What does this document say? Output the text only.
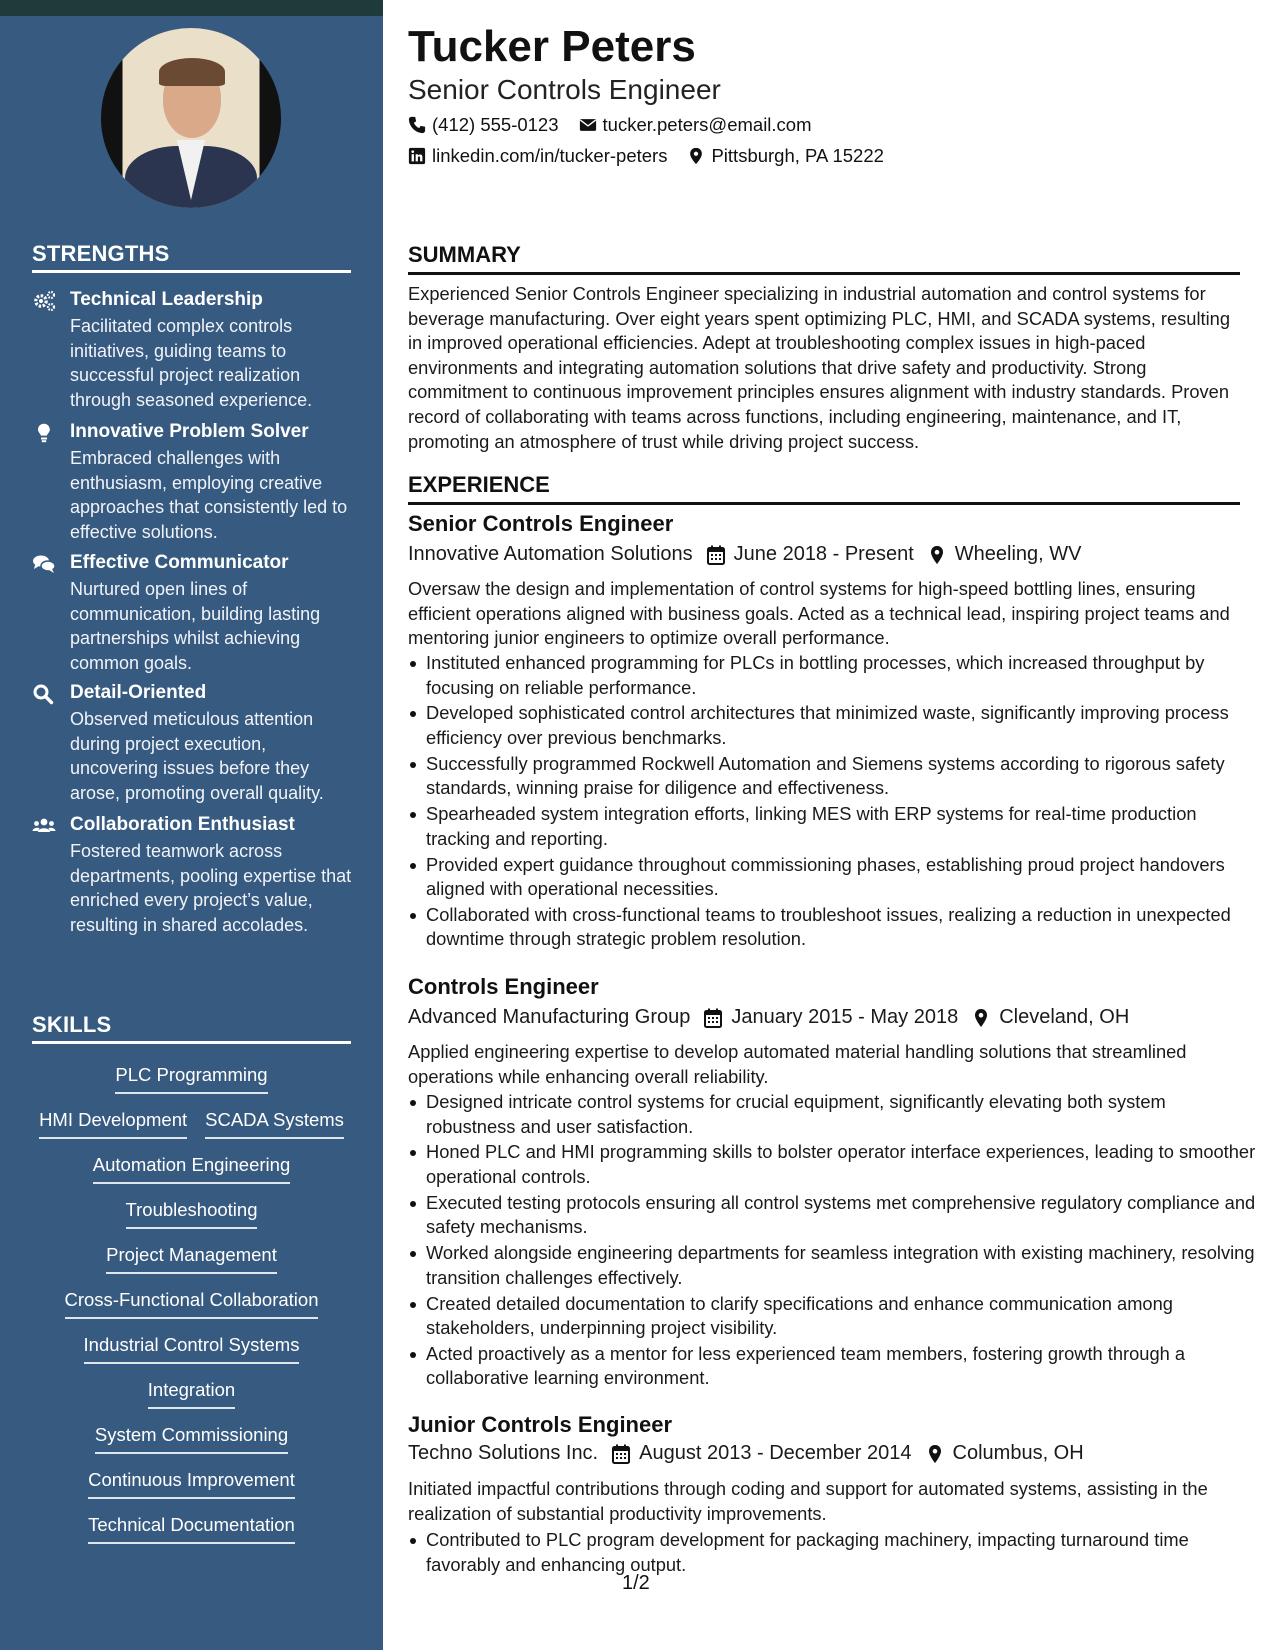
STRENGTHS
Technical Leadership
Facilitated complex controls initiatives, guiding teams to successful project realization through seasoned experience.
Innovative Problem Solver
Embraced challenges with enthusiasm, employing creative approaches that consistently led to effective solutions.
Effective Communicator
Nurtured open lines of communication, building lasting partnerships whilst achieving common goals.
Detail-Oriented
Observed meticulous attention during project execution, uncovering issues before they arose, promoting overall quality.
Collaboration Enthusiast
Fostered teamwork across departments, pooling expertise that enriched every project’s value, resulting in shared accolades.
SKILLS
PLC Programming
HMI Development SCADA Systems
Automation Engineering
Troubleshooting
Project Management
Cross-Functional Collaboration
Industrial Control Systems
Integration
System Commissioning
Continuous Improvement
Technical Documentation
Tucker Peters
Senior Controls Engineer
(412) 555-0123 tucker.peters@email.com
linkedin.com/in/tucker-peters Pittsburgh, PA 15222
SUMMARY
Experienced Senior Controls Engineer specializing in industrial automation and control systems for beverage manufacturing. Over eight years spent optimizing PLC, HMI, and SCADA systems, resulting in improved operational efficiencies. Adept at troubleshooting complex issues in high-paced environments and integrating automation solutions that drive safety and productivity. Strong commitment to continuous improvement principles ensures alignment with industry standards. Proven record of collaborating with teams across functions, including engineering, maintenance, and IT, promoting an atmosphere of trust while driving project success.
EXPERIENCE
Senior Controls Engineer
Innovative Automation Solutions June 2018 - Present Wheeling, WV
Oversaw the design and implementation of control systems for high-speed bottling lines, ensuring efficient operations aligned with business goals. Acted as a technical lead, inspiring project teams and mentoring junior engineers to optimize overall performance.
Instituted enhanced programming for PLCs in bottling processes, which increased throughput by focusing on reliable performance.
Developed sophisticated control architectures that minimized waste, significantly improving process efficiency over previous benchmarks.
Successfully programmed Rockwell Automation and Siemens systems according to rigorous safety standards, winning praise for diligence and effectiveness.
Spearheaded system integration efforts, linking MES with ERP systems for real-time production tracking and reporting.
Provided expert guidance throughout commissioning phases, establishing proud project handovers aligned with operational necessities.
Collaborated with cross-functional teams to troubleshoot issues, realizing a reduction in unexpected downtime through strategic problem resolution.
Controls Engineer
Advanced Manufacturing Group January 2015 - May 2018 Cleveland, OH
Applied engineering expertise to develop automated material handling solutions that streamlined operations while enhancing overall reliability.
Designed intricate control systems for crucial equipment, significantly elevating both system robustness and user satisfaction.
Honed PLC and HMI programming skills to bolster operator interface experiences, leading to smoother operational controls.
Executed testing protocols ensuring all control systems met comprehensive regulatory compliance and safety mechanisms.
Worked alongside engineering departments for seamless integration with existing machinery, resolving transition challenges effectively.
Created detailed documentation to clarify specifications and enhance communication among stakeholders, underpinning project visibility.
Acted proactively as a mentor for less experienced team members, fostering growth through a collaborative learning environment.
Junior Controls Engineer
Techno Solutions Inc. August 2013 - December 2014 Columbus, OH
Initiated impactful contributions through coding and support for automated systems, assisting in the realization of substantial productivity improvements.
Contributed to PLC program development for packaging machinery, impacting turnaround time favorably and enhancing output.
1/2
